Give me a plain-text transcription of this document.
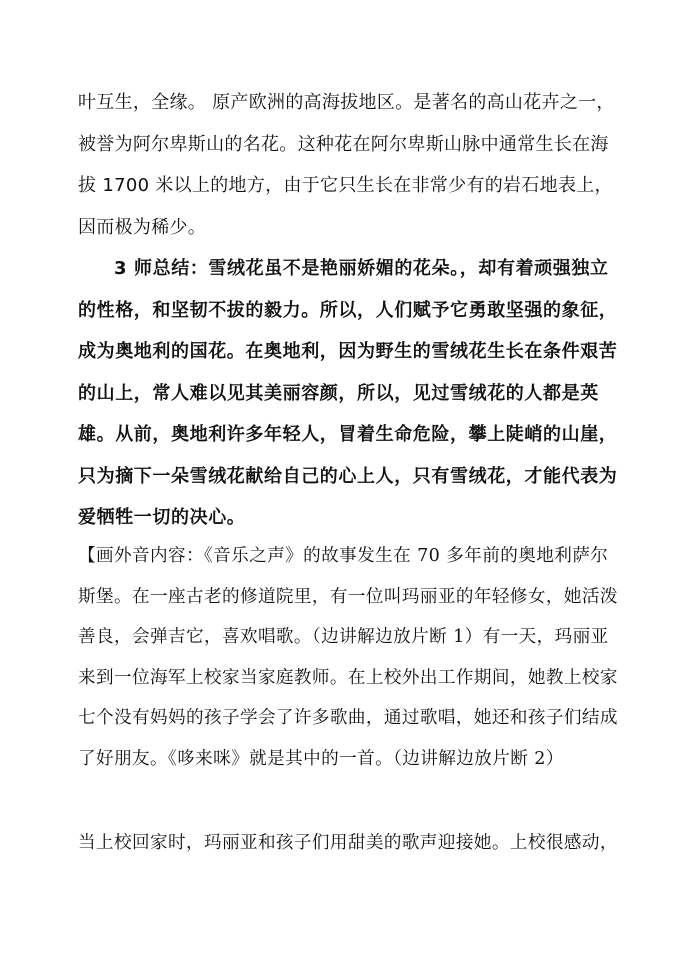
叶互生，全缘。 原产欧洲的高海拔地区。是著名的高山花卉之一，被誉为阿尔卑斯山的名花。这种花在阿尔卑斯山脉中通常生长在海拔 1700 米以上的地方，由于它只生长在非常少有的岩石地表上，因而极为稀少。

3 师总结：雪绒花虽不是艳丽娇媚的花朵。，却有着顽强独立的性格，和坚韧不拔的毅力。所以，人们赋予它勇敢坚强的象征，成为奥地利的国花。在奥地利，因为野生的雪绒花生长在条件艰苦的山上，常人难以见其美丽容颜，所以，见过雪绒花的人都是英雄。从前，奥地利许多年轻人，冒着生命危险，攀上陡峭的山崖，只为摘下一朵雪绒花献给自己的心上人，只有雪绒花，才能代表为爱牺牲一切的决心。

【画外音内容：《音乐之声》的故事发生在 70 多年前的奥地利萨尔斯堡。在一座古老的修道院里，有一位叫玛丽亚的年轻修女，她活泼善良，会弹吉它，喜欢唱歌。（边讲解边放片断 1）有一天，玛丽亚来到一位海军上校家当家庭教师。在上校外出工作期间，她教上校家七个没有妈妈的孩子学会了许多歌曲，通过歌唱，她还和孩子们结成了好朋友。《哆来咪》就是其中的一首。（边讲解边放片断 2）

当上校回家时，玛丽亚和孩子们用甜美的歌声迎接她。上校很感动，
